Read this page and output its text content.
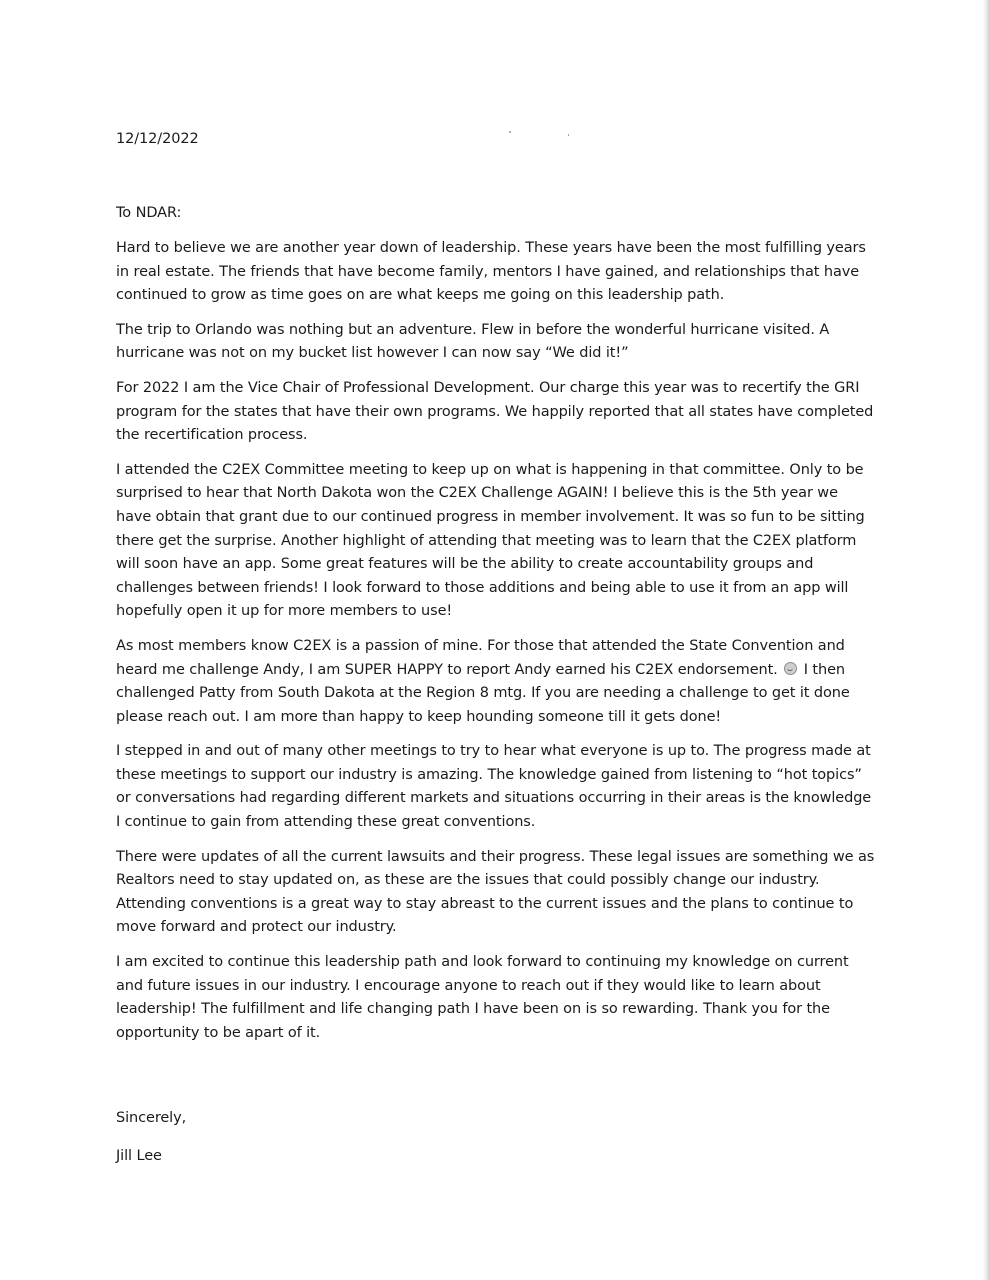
12/12/2022

To NDAR:

Hard to believe we are another year down of leadership. These years have been the most fulfilling years in real estate. The friends that have become family, mentors I have gained, and relationships that have continued to grow as time goes on are what keeps me going on this leadership path.

The trip to Orlando was nothing but an adventure. Flew in before the wonderful hurricane visited. A hurricane was not on my bucket list however I can now say “We did it!”

For 2022 I am the Vice Chair of Professional Development. Our charge this year was to recertify the GRI program for the states that have their own programs. We happily reported that all states have completed the recertification process.

I attended the C2EX Committee meeting to keep up on what is happening in that committee. Only to be surprised to hear that North Dakota won the C2EX Challenge AGAIN! I believe this is the 5th year we have obtain that grant due to our continued progress in member involvement. It was so fun to be sitting there get the surprise. Another highlight of attending that meeting was to learn that the C2EX platform will soon have an app. Some great features will be the ability to create accountability groups and challenges between friends! I look forward to those additions and being able to use it from an app will hopefully open it up for more members to use!

As most members know C2EX is a passion of mine. For those that attended the State Convention and heard me challenge Andy, I am SUPER HAPPY to report Andy earned his C2EX endorsement. I then challenged Patty from South Dakota at the Region 8 mtg. If you are needing a challenge to get it done please reach out. I am more than happy to keep hounding someone till it gets done!

I stepped in and out of many other meetings to try to hear what everyone is up to. The progress made at these meetings to support our industry is amazing. The knowledge gained from listening to “hot topics” or conversations had regarding different markets and situations occurring in their areas is the knowledge I continue to gain from attending these great conventions.

There were updates of all the current lawsuits and their progress. These legal issues are something we as Realtors need to stay updated on, as these are the issues that could possibly change our industry. Attending conventions is a great way to stay abreast to the current issues and the plans to continue to move forward and protect our industry.

I am excited to continue this leadership path and look forward to continuing my knowledge on current and future issues in our industry. I encourage anyone to reach out if they would like to learn about leadership! The fulfillment and life changing path I have been on is so rewarding. Thank you for the opportunity to be apart of it.

Sincerely,

Jill Lee
